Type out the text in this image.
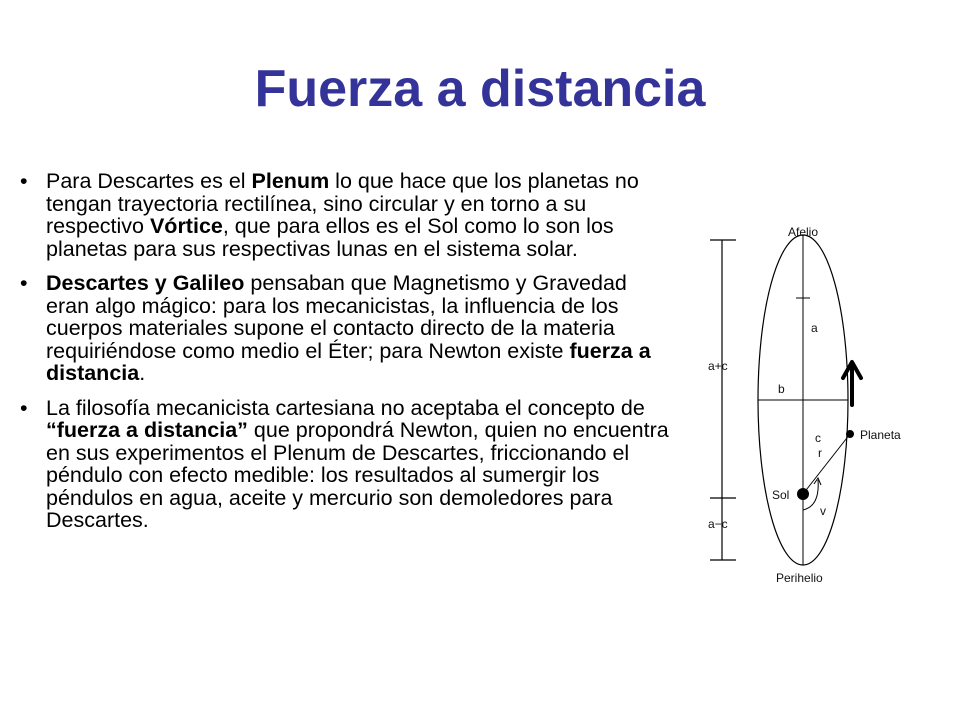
Fuerza a distancia
• Para Descartes es el Plenum lo que hace que los planetas no tengan trayectoria rectilínea, sino circular y en torno a su respectivo Vórtice, que para ellos es el Sol como lo son los planetas para sus respectivas lunas en el sistema solar.
• Descartes y Galileo pensaban que Magnetismo y Gravedad eran algo mágico: para los mecanicistas, la influencia de los cuerpos materiales supone el contacto directo de la materia requiriéndose como medio el Éter; para Newton existe fuerza a distancia.
• La filosofía mecanicista cartesiana no aceptaba el concepto de “fuerza a distancia” que propondrá Newton, quien no encuentra en sus experimentos el Plenum de Descartes, friccionando el péndulo con efecto medible: los resultados al sumergir los péndulos en agua, aceite y mercurio son demoledores para Descartes.
a+c
a−c
Afelio
Perihelio
a
b
c
Sol
Planeta
r
v
